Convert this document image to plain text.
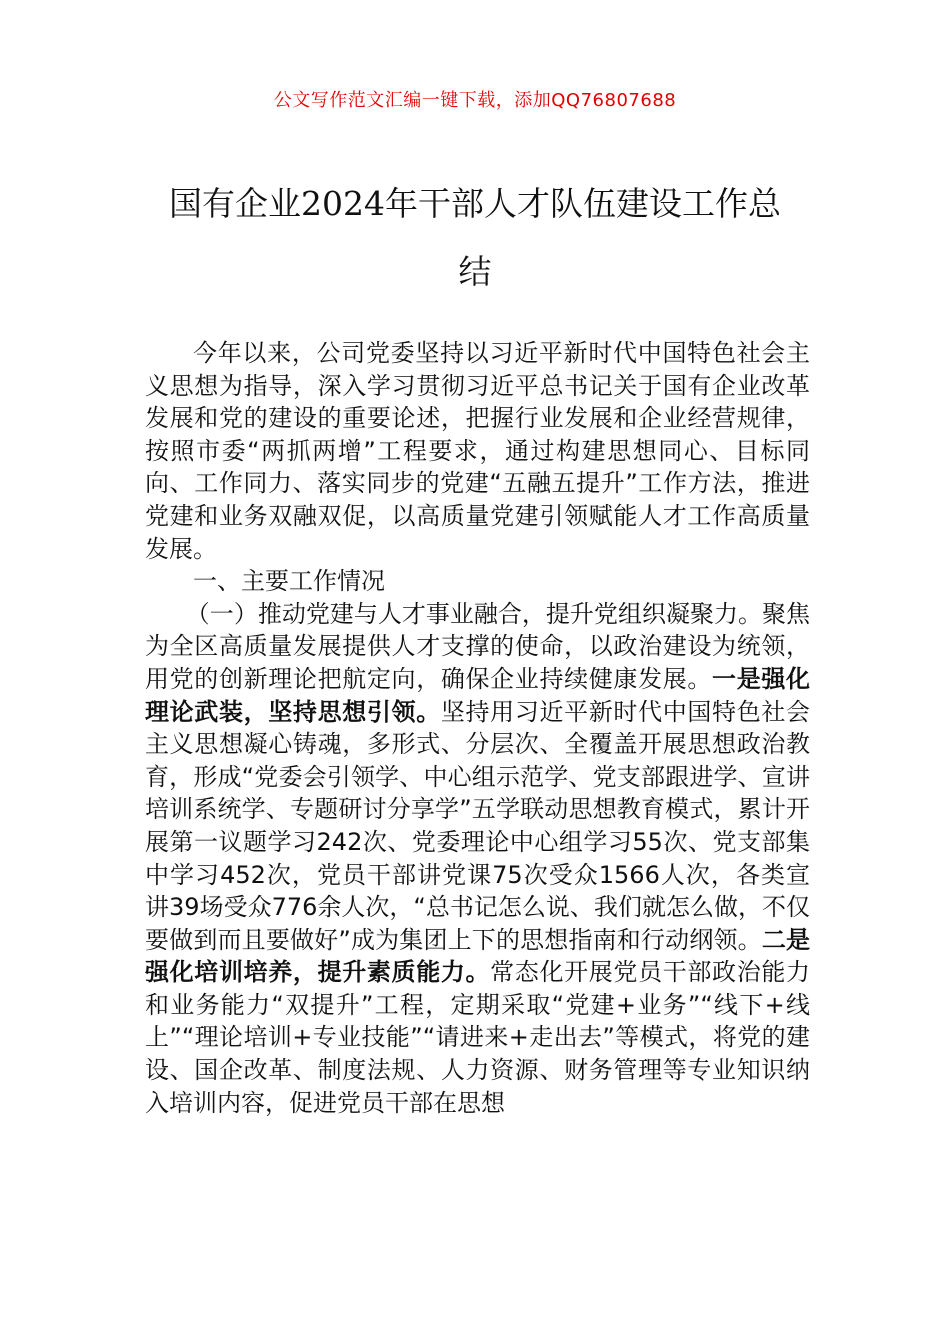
公文写作范文汇编一键下载，添加QQ76807688
国有企业2024年干部人才队伍建设工作总
结

今年以来，公司党委坚持以习近平新时代中国特色社会主义思想为指导，深入学习贯彻习近平总书记关于国有企业改革发展和党的建设的重要论述，把握行业发展和企业经营规律，按照市委“两抓两增”工程要求，通过构建思想同心、目标同向、工作同力、落实同步的党建“五融五提升”工作方法，推进党建和业务双融双促，以高质量党建引领赋能人才工作高质量发展。

一、主要工作情况

（一）推动党建与人才事业融合，提升党组织凝聚力。聚焦为全区高质量发展提供人才支撑的使命，以政治建设为统领，用党的创新理论把航定向，确保企业持续健康发展。一是强化理论武装，坚持思想引领。坚持用习近平新时代中国特色社会主义思想凝心铸魂，多形式、分层次、全覆盖开展思想政治教育，形成“党委会引领学、中心组示范学、党支部跟进学、宣讲培训系统学、专题研讨分享学”五学联动思想教育模式，累计开展第一议题学习242次、党委理论中心组学习55次、党支部集中学习452次，党员干部讲党课75次受众1566人次，各类宣讲39场受众776余人次，“总书记怎么说、我们就怎么做，不仅要做到而且要做好”成为集团上下的思想指南和行动纲领。二是强化培训培养，提升素质能力。常态化开展党员干部政治能力和业务能力“双提升”工程，定期采取“党建+业务”“线下+线上”“理论培训+专业技能”“请进来+走出去”等模式，将党的建设、国企改革、制度法规、人力资源、财务管理等专业知识纳入培训内容，促进党员干部在思想
